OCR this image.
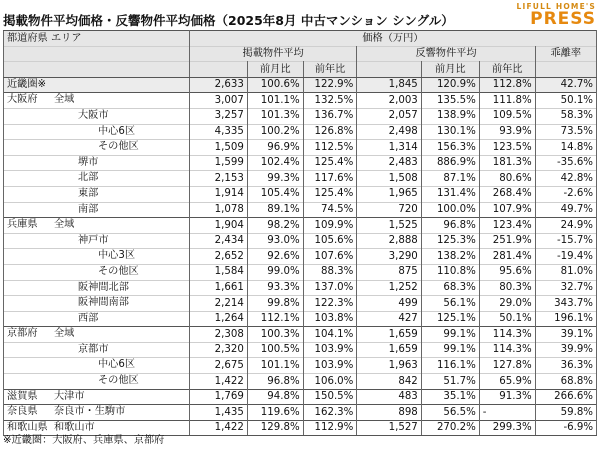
掲載物件平均価格・反響物件平均価格（2025年8月 中古マンション シングル）
LIFULL HOME'S
PRESS
都道府県 エリア	価格（万円）						
	掲載物件平均			反響物件平均			乖離率
		前月比	前年比		前月比	前年比	

近畿圏※	2,633	100.6%	122.9%	1,845	120.9%	112.8%	42.7%

大阪府 全域	3,007	101.1%	132.5%	2,003	135.5%	111.8%	50.1%

大阪市	3,257	101.3%	136.7%	2,057	138.9%	109.5%	58.3%

中心6区	4,335	100.2%	126.8%	2,498	130.1%	93.9%	73.5%

その他区	1,509	96.9%	112.5%	1,314	156.3%	123.5%	14.8%

堺市	1,599	102.4%	125.4%	2,483	886.9%	181.3%	-35.6%

北部	2,153	99.3%	117.6%	1,508	87.1%	80.6%	42.8%

東部	1,914	105.4%	125.4%	1,965	131.4%	268.4%	-2.6%

南部	1,078	89.1%	74.5%	720	100.0%	107.9%	49.7%

兵庫県 全域	1,904	98.2%	109.9%	1,525	96.8%	123.4%	24.9%

神戸市	2,434	93.0%	105.6%	2,888	125.3%	251.9%	-15.7%

中心3区	2,652	92.6%	107.6%	3,290	138.2%	281.4%	-19.4%

その他区	1,584	99.0%	88.3%	875	110.8%	95.6%	81.0%

阪神間北部	1,661	93.3%	137.0%	1,252	68.3%	80.3%	32.7%

阪神間南部	2,214	99.8%	122.3%	499	56.1%	29.0%	343.7%

西部	1,264	112.1%	103.8%	427	125.1%	50.1%	196.1%

京都府 全域	2,308	100.3%	104.1%	1,659	99.1%	114.3%	39.1%

京都市	2,320	100.5%	103.9%	1,659	99.1%	114.3%	39.9%

中心6区	2,675	101.1%	103.9%	1,963	116.1%	127.8%	36.3%

その他区	1,422	96.8%	106.0%	842	51.7%	65.9%	68.8%

滋賀県 大津市	1,769	94.8%	150.5%	483	35.1%	91.3%	266.6%

奈良県 奈良市・生駒市	1,435	119.6%	162.3%	898	56.5%	-	59.8%

和歌山県 和歌山市	1,422	129.8%	112.9%	1,527	270.2%	299.3%	-6.9%
※近畿圏：大阪府、兵庫県、京都府
